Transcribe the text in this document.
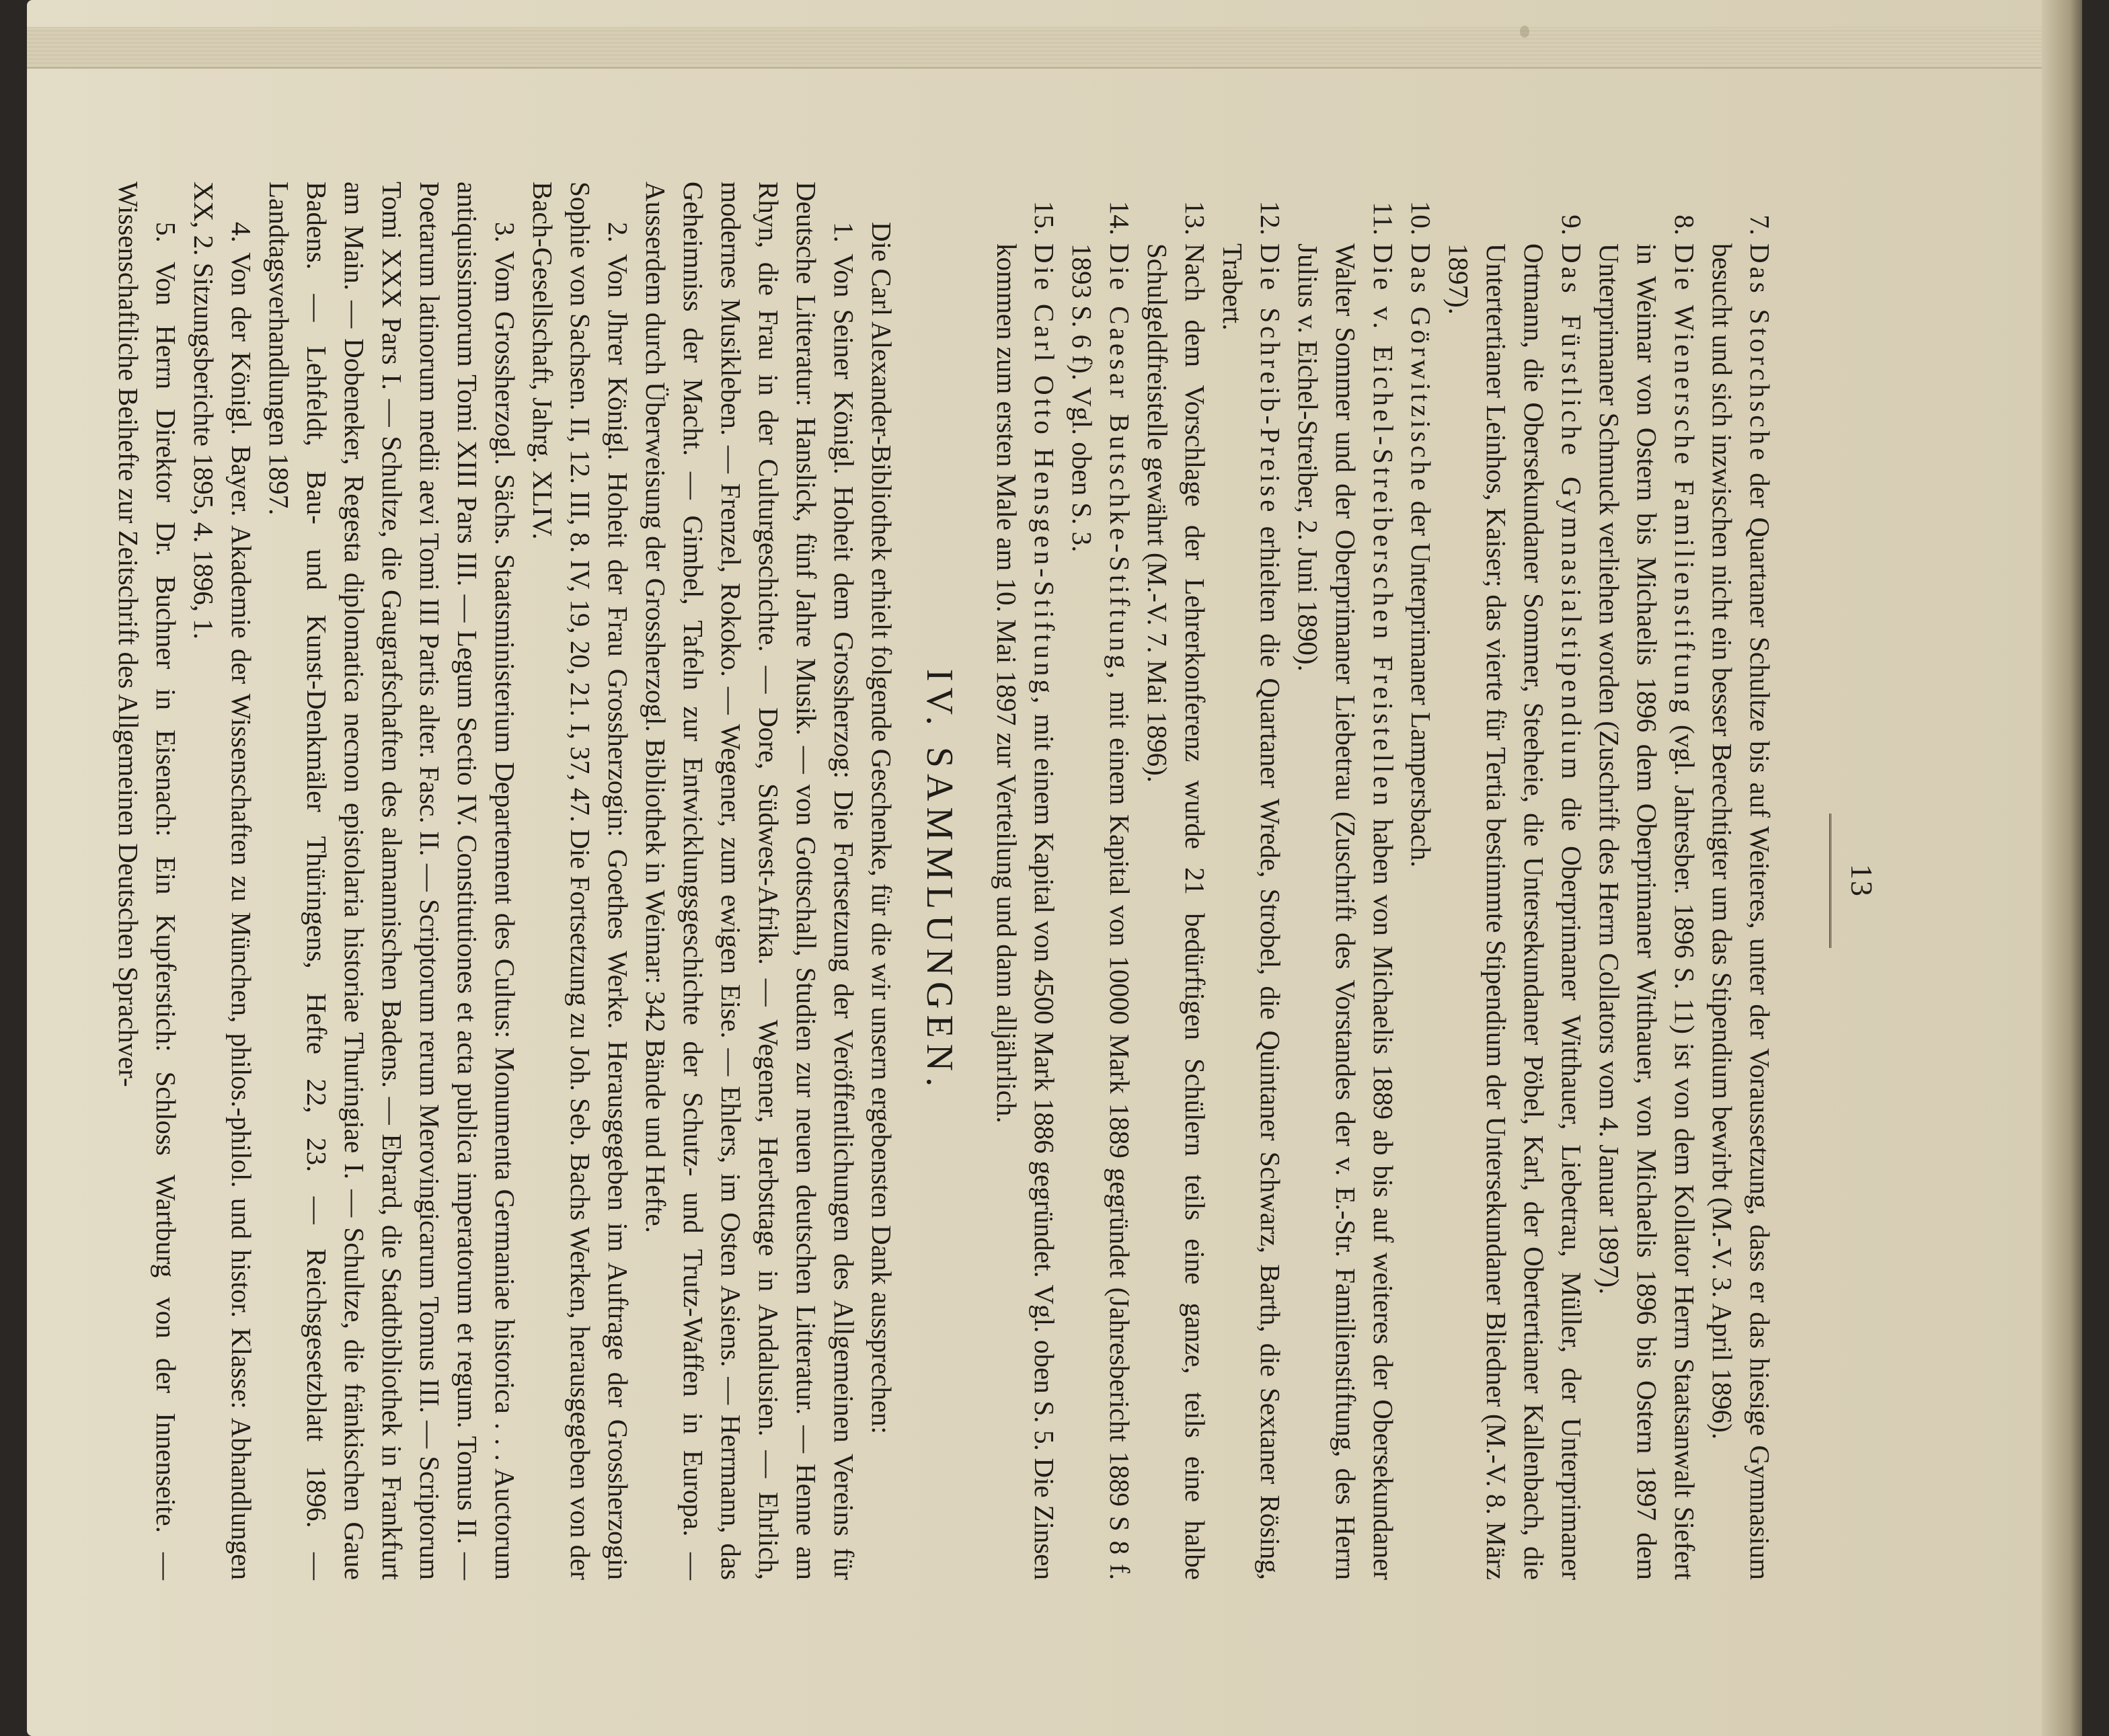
13
7.
Das Storchsche der Quartaner Schultze bis auf Weiteres, unter der Voraussetzung, dass er das hiesige Gymnasium besucht und sich inzwischen nicht ein besser Berechtigter um das Stipendium bewirbt (M.-V. 3. April 1896).
8.
Die Wienersche Familienstiftung (vgl. Jahresber. 1896 S. 11) ist von dem Kollator Herrn Staatsanwalt Siefert in Weimar von Ostern bis Michaelis 1896 dem Oberprimaner Witthauer, von Michaelis 1896 bis Ostern 1897 dem Unterprimaner Schmuck verliehen worden (Zuschrift des Herrn Collators vom 4. Januar 1897).
9.
Das Fürstliche Gymnasialstipendium die Oberprimaner Witthauer, Liebetrau, Müller, der Unterprimaner Ortmann, die Obersekundaner Sommer, Steeheie, die Untersekundaner Pöbel, Karl, der Obertertianer Kallenbach, die Untertertianer Leinhos, Kaiser; das vierte für Tertia bestimmte Stipendium der Untersekundaner Bliedner (M.-V. 8. März 1897).
10.
Das Görwitzische der Unterprimaner Lampersbach.
11.
Die v. Eichel-Streiberschen Freistellen haben von Michaelis 1889 ab bis auf weiteres der Obersekundaner Walter Sommer und der Oberprimaner Liebetrau (Zuschrift des Vorstandes der v. E.-Str. Familienstiftung, des Herrn Julius v. Eichel-Streiber, 2. Juni 1890).
12.
Die Schreib-Preise erhielten die Quartaner Wrede, Strobel, die Quintaner Schwarz, Barth, die Sextaner Rösing, Trabert.
13.
Nach dem Vorschlage der Lehrerkonferenz wurde 21 bedürftigen Schülern teils eine ganze, teils eine halbe Schulgeldfreistelle gewährt (M.-V. 7. Mai 1896).
14.
Die Caesar Butschke-Stiftung, mit einem Kapital von 10000 Mark 1889 gegründet (Jahresbericht 1889 S 8 f. 1893 S. 6 f). Vgl. oben S. 3.
15.
Die Carl Otto Hensgen-Stiftung, mit einem Kapital von 4500 Mark 1886 gegründet. Vgl. oben S. 5. Die Zinsen kommen zum ersten Male am 10. Mai 1897 zur Verteilung und dann alljährlich.
IV. SAMMLUNGEN.

Die Carl Alexander-Bibliothek erhielt folgende Geschenke, für die wir unsern ergebensten Dank aussprechen:

1. Von Seiner Königl. Hoheit dem Grossherzog: Die Fortsetzung der Veröffentlichungen des Allgemeinen Vereins für Deutsche Litteratur: Hanslick, fünf Jahre Musik. — von Gottschall, Studien zur neuen deutschen Litteratur. — Henne am Rhyn, die Frau in der Culturgeschichte. — Dore, Südwest-Afrika. — Wegener, Herbsttage in Andalusien. — Ehrlich, modernes Musikleben. — Frenzel, Rokoko. — Wegener, zum ewigen Eise. — Ehlers, im Osten Asiens. — Herrmann, das Geheimniss der Macht. — Gimbel, Tafeln zur Entwicklungsgeschichte der Schutz- und Trutz-Waffen in Europa. — Ausserdem durch Überweisung der Grossherzogl. Bibliothek in Weimar: 342 Bände und Hefte.

2. Von Jhrer Königl. Hoheit der Frau Grossherzogin: Goethes Werke. Herausgegeben im Auftrage der Grossherzogin Sophie von Sachsen. II, 12. III, 8. IV, 19, 20, 21. I, 37, 47. Die Fortsetzung zu Joh. Seb. Bachs Werken, herausgegeben von der Bach-Gesellschaft, Jahrg. XLIV.

3. Vom Grossherzogl. Sächs. Staatsministerium Departement des Cultus: Monumenta Germaniae historica . . . Auctorum antiquissimorum Tomi XIII Pars III. — Legum Sectio IV. Constitutiones et acta publica imperatorum et regum. Tomus II. — Poetarum latinorum medii aevi Tomi III Partis alter. Fasc. II. — Scriptorum rerum Merovingicarum Tomus III. — Scriptorum Tomi XXX Pars I. — Schultze, die Gaugrafschaften des alamannischen Badens. — Ebrard, die Stadtbibliothek in Frankfurt am Main. — Dobeneker, Regesta diplomatica necnon epistolaria historiae Thuringiae I. — Schultze, die fränkischen Gaue Badens. — Lehfeldt, Bau- und Kunst-Denkmäler Thüringens, Hefte 22, 23. — Reichsgesetzblatt 1896. — Landtagsverhandlungen 1897.

4. Von der Königl. Bayer. Akademie der Wissenschaften zu München, philos.-philol. und histor. Klasse: Abhandlungen XX, 2. Sitzungsberichte 1895, 4. 1896, 1.

5. Von Herrn Direktor Dr. Buchner in Eisenach: Ein Kupferstich: Schloss Wartburg von der Innenseite. — Wissenschaftliche Beihefte zur Zeitschrift des Allgemeinen Deutschen Sprachver-
